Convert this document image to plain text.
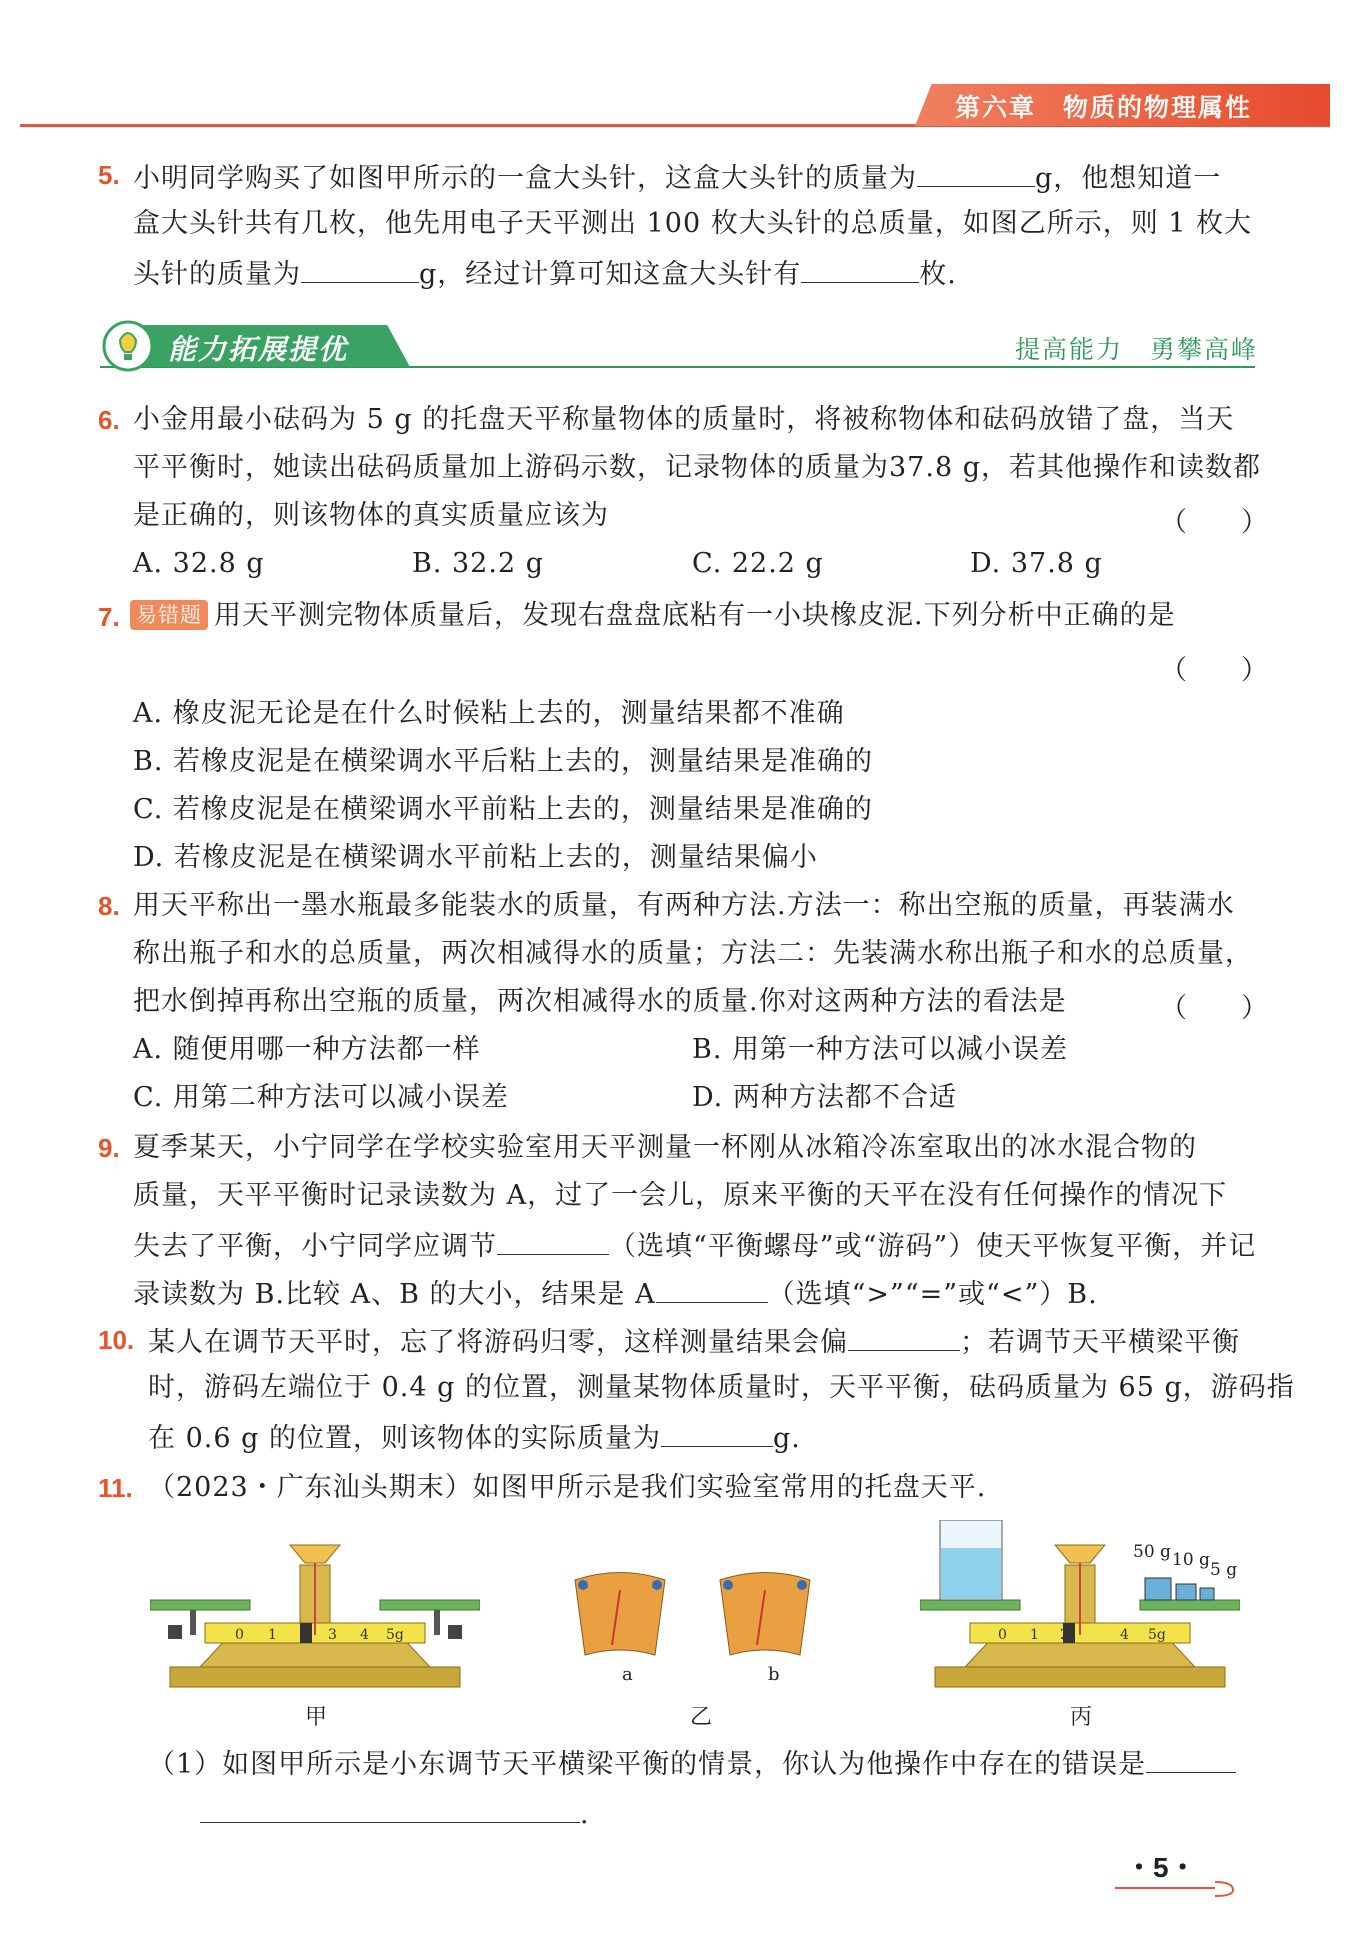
第六章　物质的物理属性
5. 小明同学购买了如图甲所示的一盒大头针，这盒大头针的质量为	g，他想知道一
盒大头针共有几枚，他先用电子天平测出 100 枚大头针的总质量，如图乙所示，则 1 枚大
头针的质量为	g，经过计算可知这盒大头针有	枚.
能力拓展提优	提高能力　勇攀高峰
6. 小金用最小砝码为 5 g 的托盘天平称量物体的质量时，将被称物体和砝码放错了盘，当天
平平衡时，她读出砝码质量加上游码示数，记录物体的质量为37.8 g，若其他操作和读数都
是正确的，则该物体的真实质量应该为	（　　）
A. 32.8 g	B. 32.2 g	C. 22.2 g	D. 37.8 g
7. 易错题 用天平测完物体质量后，发现右盘盘底粘有一小块橡皮泥.下列分析中正确的是
（　　）
A. 橡皮泥无论是在什么时候粘上去的，测量结果都不准确
B. 若橡皮泥是在横梁调水平后粘上去的，测量结果是准确的
C. 若橡皮泥是在横梁调水平前粘上去的，测量结果是准确的
D. 若橡皮泥是在横梁调水平前粘上去的，测量结果偏小
8. 用天平称出一墨水瓶最多能装水的质量，有两种方法.方法一：称出空瓶的质量，再装满水
称出瓶子和水的总质量，两次相减得水的质量；方法二：先装满水称出瓶子和水的总质量，
把水倒掉再称出空瓶的质量，两次相减得水的质量.你对这两种方法的看法是	（　　）
A. 随便用哪一种方法都一样	B. 用第一种方法可以减小误差
C. 用第二种方法可以减小误差	D. 两种方法都不合适
9. 夏季某天，小宁同学在学校实验室用天平测量一杯刚从冰箱冷冻室取出的冰水混合物的
质量，天平平衡时记录读数为 A，过了一会儿，原来平衡的天平在没有任何操作的情况下
失去了平衡，小宁同学应调节	（选填“平衡螺母”或“游码”）使天平恢复平衡，并记
录读数为 B.比较 A、B 的大小，结果是 A	（选填“>”“=”或“<”）B.
10. 某人在调节天平时，忘了将游码归零，这样测量结果会偏	；若调节天平横梁平衡
时，游码左端位于 0.4 g 的位置，测量某物体质量时，天平平衡，砝码质量为 65 g，游码指
在 0.6 g 的位置，则该物体的实际质量为	g.
11. （2023・广东汕头期末）如图甲所示是我们实验室常用的托盘天平.
0 1 2 3 4 5g
甲
a	b
乙
0 1 2	4 5g
50 g 10 g 5 g
丙
（1）如图甲所示是小东调节天平横梁平衡的情景，你认为他操作中存在的错误是
.
・5・
